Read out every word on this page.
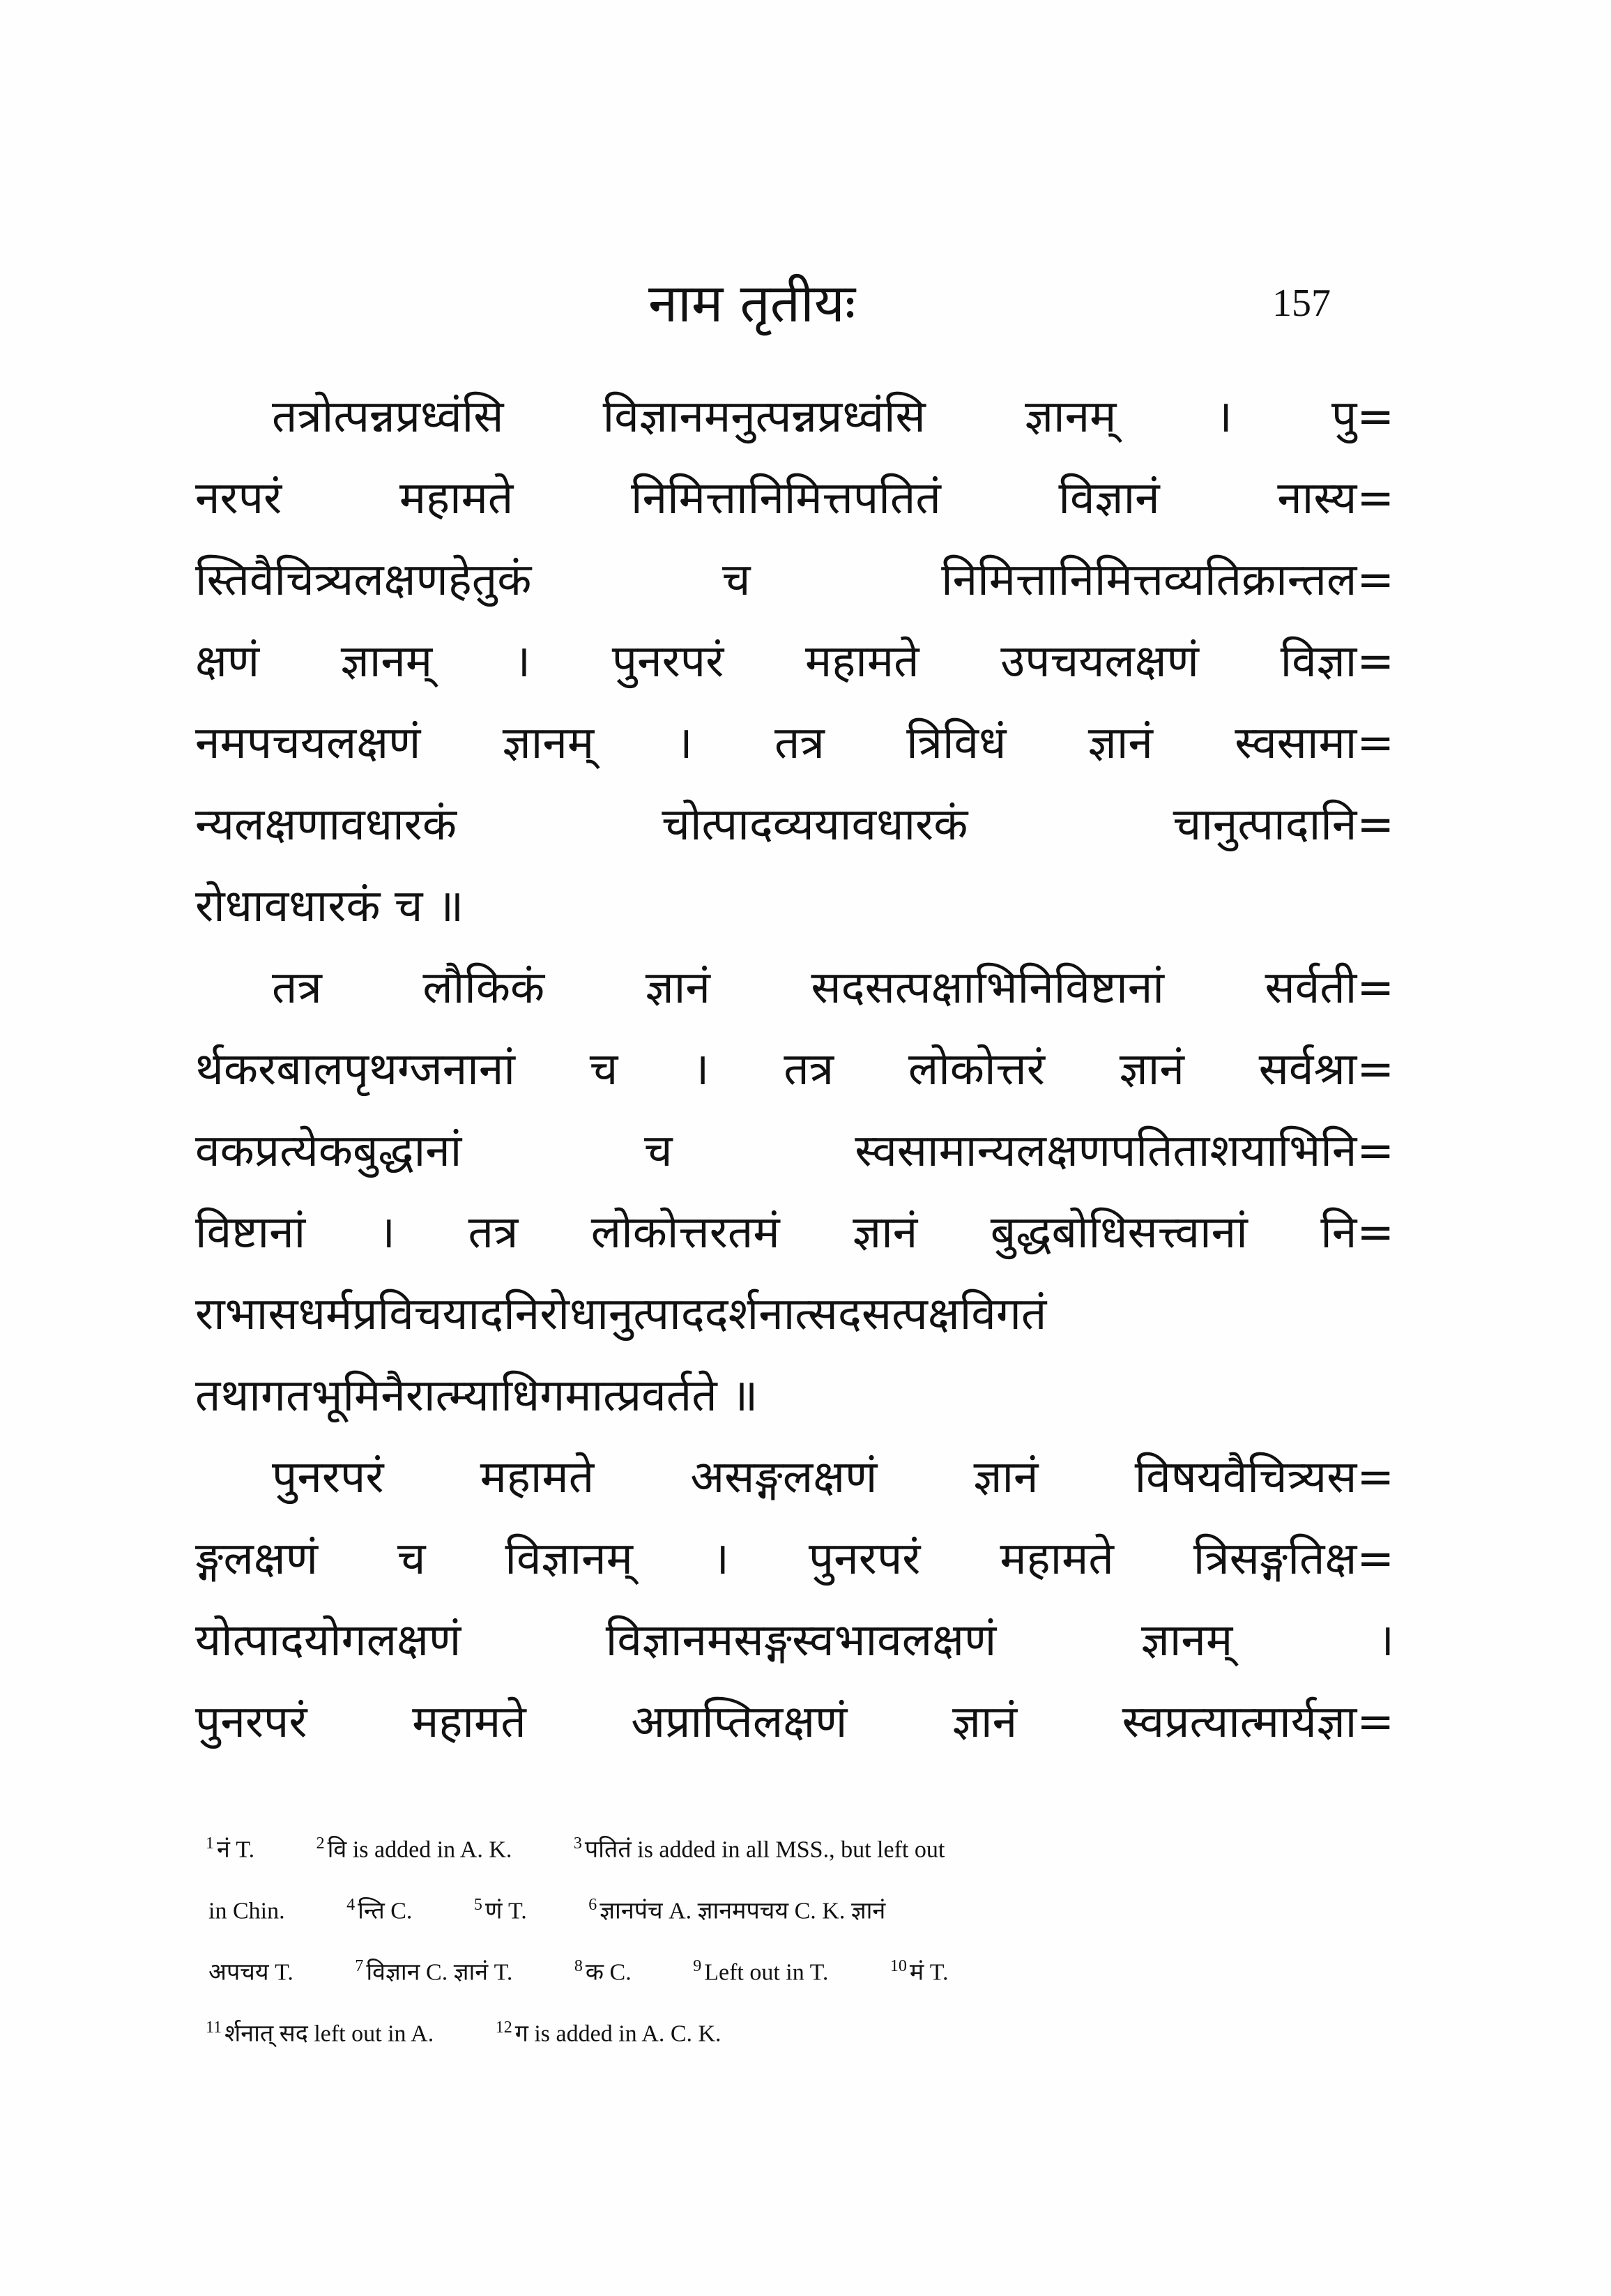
नाम तृतीयः	157

तत्रोत्पन्नप्रध्वंसि विज्ञानमनुत्पन्नप्रध्वंसि ज्ञानम् । पु=
नरपरं महामते निमित्तानिमित्तपतितं विज्ञानं नास्य=
स्तिवैचित्र्यलक्षणहेतुकं च निमित्तानिमित्तव्यतिक्रान्तल=
क्षणं ज्ञानम् । पुनरपरं महामते उपचयलक्षणं विज्ञा=
नमपचयलक्षणं ज्ञानम् । तत्र त्रिविधं ज्ञानं स्वसामा=
न्यलक्षणावधारकं चोत्पादव्ययावधारकं चानुत्पादानि=
रोधावधारकं च ॥

तत्र लौकिकं ज्ञानं सदसत्पक्षाभिनिविष्टानां सर्वती=
र्थकरबालपृथग्जनानां च । तत्र लोकोत्तरं ज्ञानं सर्वश्रा=
वकप्रत्येकबुद्धानां च स्वसामान्यलक्षणपतिताशयाभिनि=
विष्टानां । तत्र लोकोत्तरतमं ज्ञानं बुद्धबोधिसत्त्वानां नि=
राभासधर्मप्रविचयादनिरोधानुत्पाददर्शनात्सदसत्पक्षविगतं
तथागतभूमिनैरात्म्याधिगमात्प्रवर्तते ॥

पुनरपरं महामते असङ्गलक्षणं ज्ञानं विषयवैचित्र्यस=
ङ्गलक्षणं च विज्ञानम् । पुनरपरं महामते त्रिसङ्गतिक्ष=
योत्पादयोगलक्षणं विज्ञानमसङ्गस्वभावलक्षणं ज्ञानम् ।
पुनरपरं महामते अप्राप्तिलक्षणं ज्ञानं स्वप्रत्यात्मार्यज्ञा=

$^1$ नं T.	$^2$ वि is added in A. K.	$^3$ पतितं is added in all MSS., but left out
in Chin.	$^4$ न्ति C.	$^5$ णं T.	$^6$ ज्ञानपंच A. ज्ञानमपचय C. K. ज्ञानं
अपचय T.	$^7$ विज्ञान C. ज्ञानं T.	$^8$ क C.	$^9$ Left out in T.	$^{10}$ मं T.
$^{11}$ र्शनात् सद left out in A.	$^{12}$ ग is added in A. C. K.
